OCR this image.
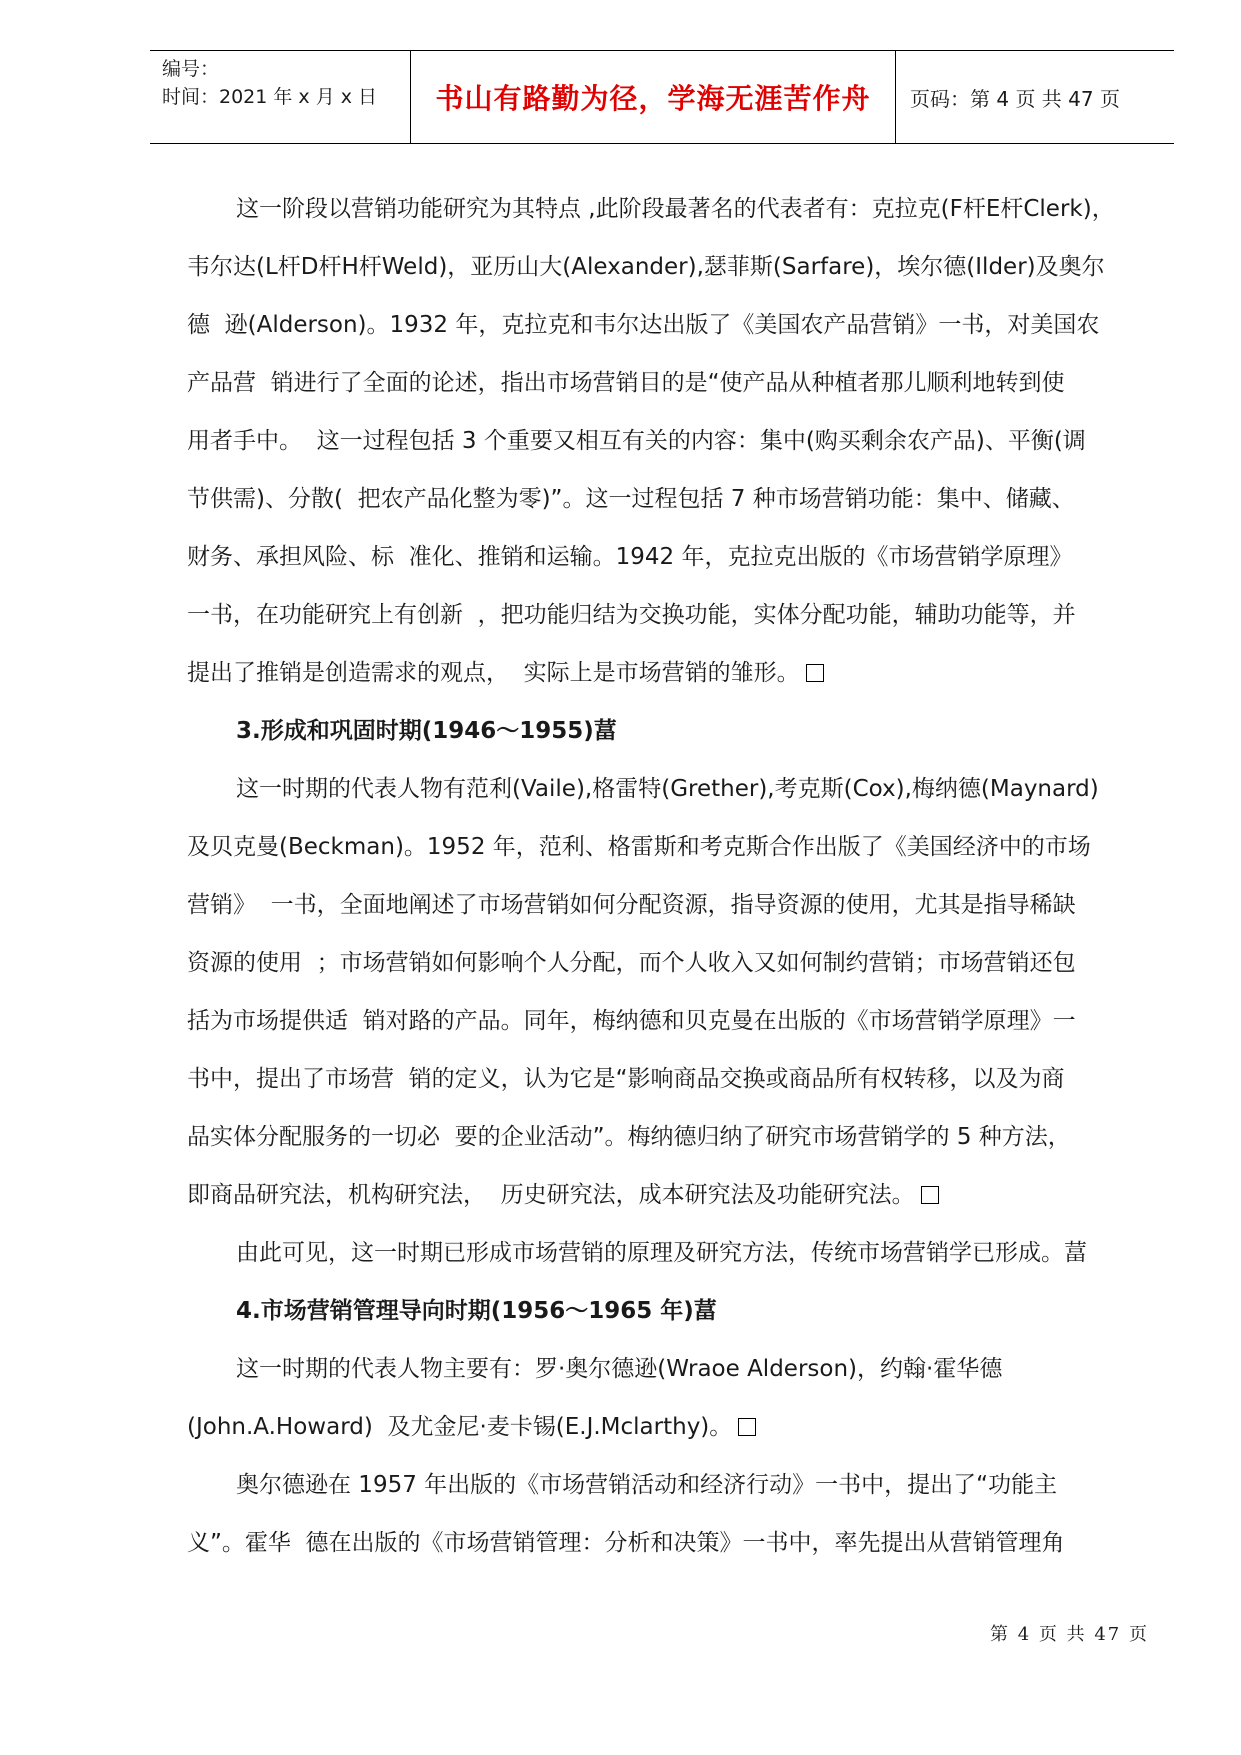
编号：
时间：2021 年 x 月 x 日	书山有路勤为径，学海无涯苦作舟	页码：第 4 页 共 47 页
这一阶段以营销功能研究为其特点 ,此阶段最著名的代表者有：克拉克(F杆E杆Clerk)，
韦尔达(L杆D杆H杆Weld)，亚历山大(Alexander),瑟菲斯(Sarfare)，埃尔德(Ilder)及奥尔
德  逊(Alderson)。1932 年，克拉克和韦尔达出版了《美国农产品营销》一书，对美国农
产品营  销进行了全面的论述，指出市场营销目的是“使产品从种植者那儿顺利地转到使
用者手中。  这一过程包括 3 个重要又相互有关的内容：集中(购买剩余农产品)、平衡(调
节供需)、分散(  把农产品化整为零)”。这一过程包括 7 种市场营销功能：集中、储藏、
财务、承担风险、标  准化、推销和运输。1942 年，克拉克出版的《市场营销学原理》
一书，在功能研究上有创新  ，把功能归结为交换功能，实体分配功能，辅助功能等，并
提出了推销是创造需求的观点，  实际上是市场营销的雏形。
3.形成和巩固时期(1946～1955)葍
这一时期的代表人物有范利(Vaile),格雷特(Grether),考克斯(Cox),梅纳德(Maynard)
及贝克曼(Beckman)。1952 年，范利、格雷斯和考克斯合作出版了《美国经济中的市场
营销》  一书，全面地阐述了市场营销如何分配资源，指导资源的使用，尤其是指导稀缺
资源的使用  ；市场营销如何影响个人分配，而个人收入又如何制约营销；市场营销还包
括为市场提供适  销对路的产品。同年，梅纳德和贝克曼在出版的《市场营销学原理》一
书中，提出了市场营  销的定义，认为它是“影响商品交换或商品所有权转移，以及为商
品实体分配服务的一切必  要的企业活动”。梅纳德归纳了研究市场营销学的 5 种方法，
即商品研究法，机构研究法，  历史研究法，成本研究法及功能研究法。
由此可见，这一时期已形成市场营销的原理及研究方法，传统市场营销学已形成。葍
4.市场营销管理导向时期(1956～1965 年)葍
这一时期的代表人物主要有：罗·奥尔德逊(Wraoe Alderson)，约翰·霍华德
(John.A.Howard)  及尤金尼·麦卡锡(E.J.Mclarthy)。
奥尔德逊在 1957 年出版的《市场营销活动和经济行动》一书中，提出了“功能主
义”。霍华  德在出版的《市场营销管理：分析和决策》一书中，率先提出从营销管理角
第 4 页 共 47 页
